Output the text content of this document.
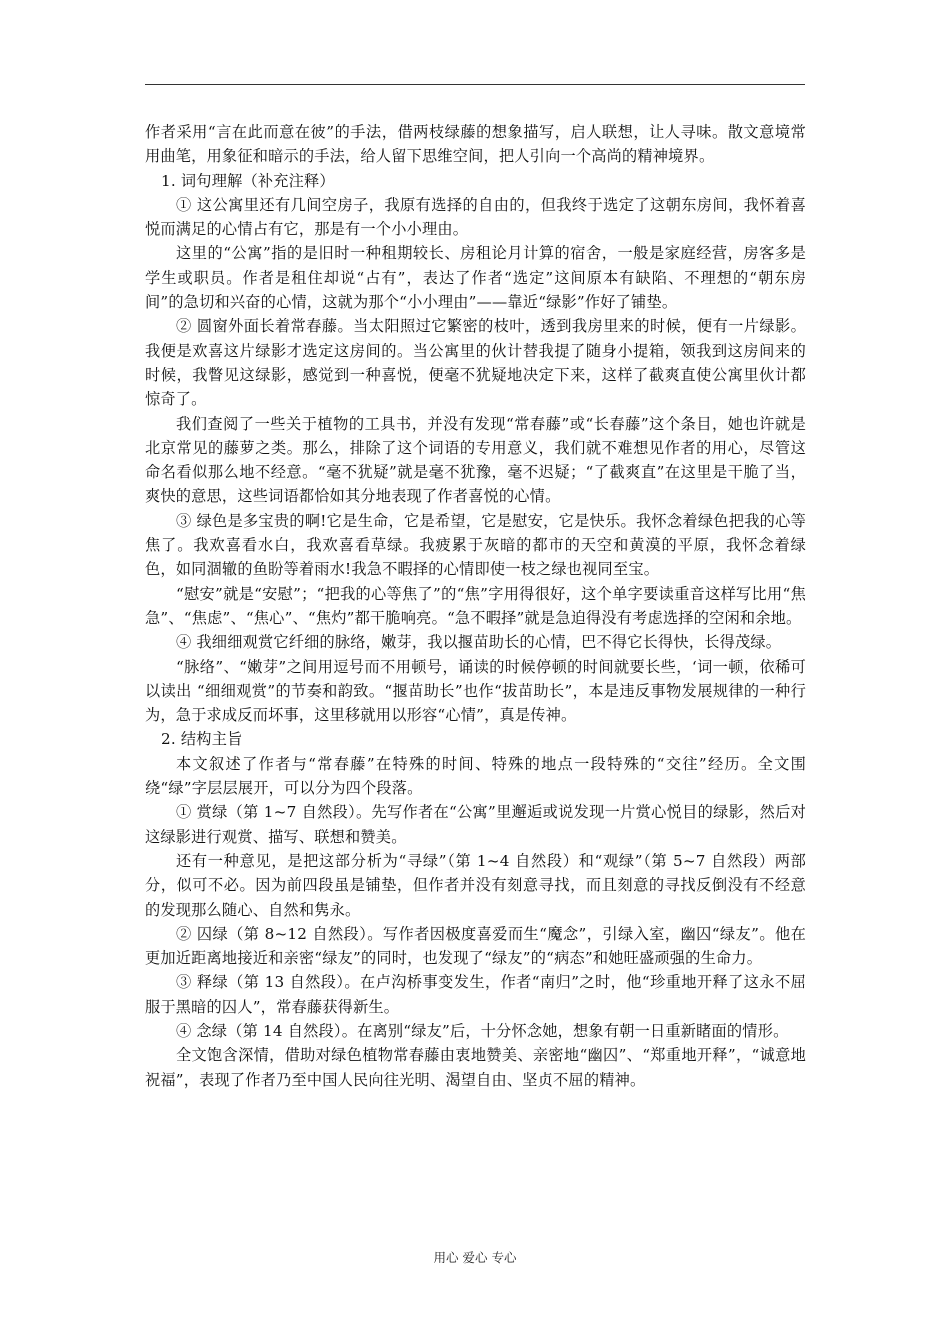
作者采用“言在此而意在彼”的手法，借两枝绿藤的想象描写，启人联想，让人寻味。散文意境常用曲笔，用象征和暗示的手法，给人留下思维空间，把人引向一个高尚的精神境界。

1. 词句理解（补充注释）

① 这公寓里还有几间空房子，我原有选择的自由的，但我终于选定了这朝东房间，我怀着喜悦而满足的心情占有它，那是有一个小小理由。

这里的“公寓”指的是旧时一种租期较长、房租论月计算的宿舍，一般是家庭经营，房客多是学生或职员。作者是租住却说“占有”，表达了作者“选定”这间原本有缺陷、不理想的“朝东房间”的急切和兴奋的心情，这就为那个“小小理由”——靠近“绿影”作好了铺垫。

② 圆窗外面长着常春藤。当太阳照过它繁密的枝叶，透到我房里来的时候，便有一片绿影。我便是欢喜这片绿影才选定这房间的。当公寓里的伙计替我提了随身小提箱，领我到这房间来的时候，我瞥见这绿影，感觉到一种喜悦，便毫不犹疑地决定下来，这样了截爽直使公寓里伙计都惊奇了。

我们查阅了一些关于植物的工具书，并没有发现“常春藤”或“长春藤”这个条目，她也许就是北京常见的藤萝之类。那么，排除了这个词语的专用意义，我们就不难想见作者的用心，尽管这命名看似那么地不经意。“毫不犹疑”就是毫不犹豫，毫不迟疑；“了截爽直”在这里是干脆了当，爽快的意思，这些词语都恰如其分地表现了作者喜悦的心情。

③ 绿色是多宝贵的啊!它是生命，它是希望，它是慰安，它是快乐。我怀念着绿色把我的心等焦了。我欢喜看水白，我欢喜看草绿。我疲累于灰暗的都市的天空和黄漠的平原，我怀念着绿色，如同涸辙的鱼盼等着雨水!我急不暇择的心情即使一枝之绿也视同至宝。

“慰安”就是“安慰”；“把我的心等焦了”的“焦”字用得很好，这个单字要读重音这样写比用“焦急”、“焦虑”、“焦心”、“焦灼”都干脆响亮。“急不暇择”就是急迫得没有考虑选择的空闲和余地。

④ 我细细观赏它纤细的脉络，嫩芽，我以揠苗助长的心情，巴不得它长得快，长得茂绿。

“脉络”、“嫩芽”之间用逗号而不用顿号，诵读的时候停顿的时间就要长些，‘词一顿，依稀可以读出 “细细观赏”的节奏和韵致。“揠苗助长”也作“拔苗助长”，本是违反事物发展规律的一种行为，急于求成反而坏事，这里移就用以形容“心情”，真是传神。

2. 结构主旨

本文叙述了作者与“常春藤”在特殊的时间、特殊的地点一段特殊的“交往”经历。全文围绕“绿”字层层展开，可以分为四个段落。

① 赏绿（第 1~7 自然段）。先写作者在“公寓”里邂逅或说发现一片赏心悦目的绿影，然后对这绿影进行观赏、描写、联想和赞美。

还有一种意见，是把这部分析为“寻绿”（第 1~4 自然段）和“观绿”（第 5~7 自然段）两部分，似可不必。因为前四段虽是铺垫，但作者并没有刻意寻找，而且刻意的寻找反倒没有不经意的发现那么随心、自然和隽永。

② 囚绿（第 8~12 自然段）。写作者因极度喜爱而生“魔念”，引绿入室，幽囚“绿友”。他在更加近距离地接近和亲密“绿友”的同时，也发现了“绿友”的“病态”和她旺盛顽强的生命力。

③ 释绿（第 13 自然段）。在卢沟桥事变发生，作者“南归”之时，他“珍重地开释了这永不屈服于黑暗的囚人”，常春藤获得新生。

④ 念绿（第 14 自然段）。在离别“绿友”后，十分怀念她，想象有朝一日重新睹面的情形。

全文饱含深情，借助对绿色植物常春藤由衷地赞美、亲密地“幽囚”、“郑重地开释”，“诚意地祝福”，表现了作者乃至中国人民向往光明、渴望自由、坚贞不屈的精神。

用心 爱心 专心
